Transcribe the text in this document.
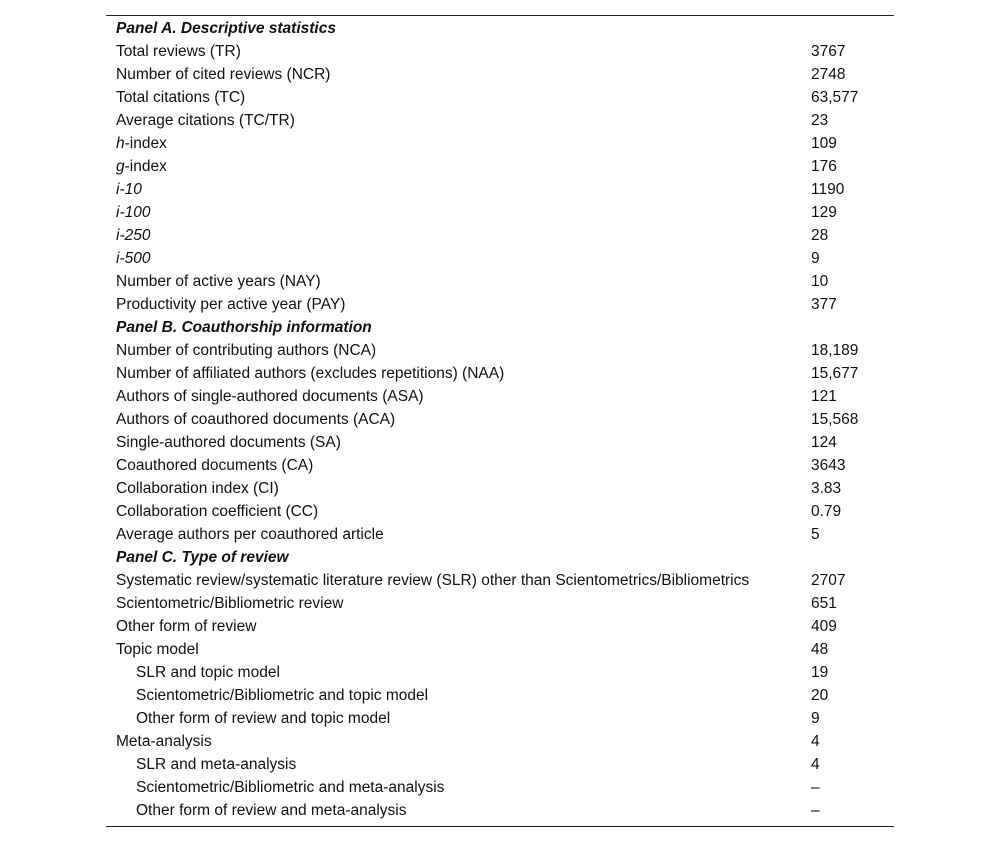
Panel A. Descriptive statistics
Total reviews (TR)	3767
Number of cited reviews (NCR)	2748
Total citations (TC)	63,577
Average citations (TC/TR)	23
h-index	109
g-index	176
i-10	1190
i-100	129
i-250	28
i-500	9
Number of active years (NAY)	10
Productivity per active year (PAY)	377
Panel B. Coauthorship information
Number of contributing authors (NCA)	18,189
Number of affiliated authors (excludes repetitions) (NAA)	15,677
Authors of single-authored documents (ASA)	121
Authors of coauthored documents (ACA)	15,568
Single-authored documents (SA)	124
Coauthored documents (CA)	3643
Collaboration index (CI)	3.83
Collaboration coefficient (CC)	0.79
Average authors per coauthored article	5
Panel C. Type of review
Systematic review/systematic literature review (SLR) other than Scientometrics/Bibliometrics	2707
Scientometric/Bibliometric review	651
Other form of review	409
Topic model	48
SLR and topic model	19
Scientometric/Bibliometric and topic model	20
Other form of review and topic model	9
Meta-analysis	4
SLR and meta-analysis	4
Scientometric/Bibliometric and meta-analysis	–
Other form of review and meta-analysis	–
